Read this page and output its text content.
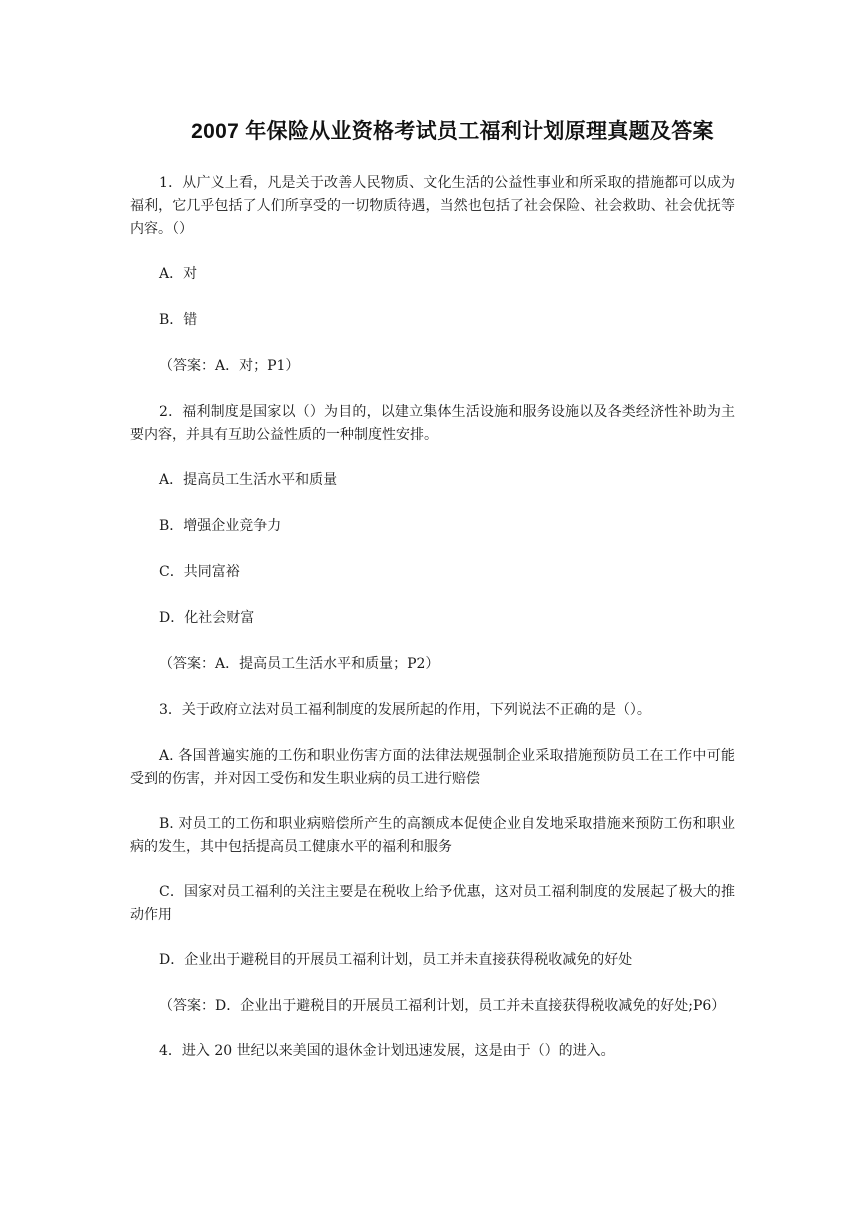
2007 年保险从业资格考试员工福利计划原理真题及答案

1．从广义上看，凡是关于改善人民物质、文化生活的公益性事业和所采取的措施都可以成为福利，它几乎包括了人们所享受的一切物质待遇，当然也包括了社会保险、社会救助、社会优抚等内容。（）

A．对

B．错

（答案：A．对；P1）

2．福利制度是国家以（）为目的，以建立集体生活设施和服务设施以及各类经济性补助为主要内容，并具有互助公益性质的一种制度性安排。

A．提高员工生活水平和质量

B．增强企业竞争力

C．共同富裕

D．化社会财富

（答案：A．提高员工生活水平和质量；P2）

3．关于政府立法对员工福利制度的发展所起的作用，下列说法不正确的是（）。

A. 各国普遍实施的工伤和职业伤害方面的法律法规强制企业采取措施预防员工在工作中可能受到的伤害，并对因工受伤和发生职业病的员工进行赔偿

B. 对员工的工伤和职业病赔偿所产生的高额成本促使企业自发地采取措施来预防工伤和职业病的发生，其中包括提高员工健康水平的福利和服务

C．国家对员工福利的关注主要是在税收上给予优惠，这对员工福利制度的发展起了极大的推动作用

D．企业出于避税目的开展员工福利计划，员工并未直接获得税收减免的好处

（答案：D．企业出于避税目的开展员工福利计划，员工并未直接获得税收减免的好处;P6）

4．进入 20 世纪以来美国的退休金计划迅速发展，这是由于（）的进入。
